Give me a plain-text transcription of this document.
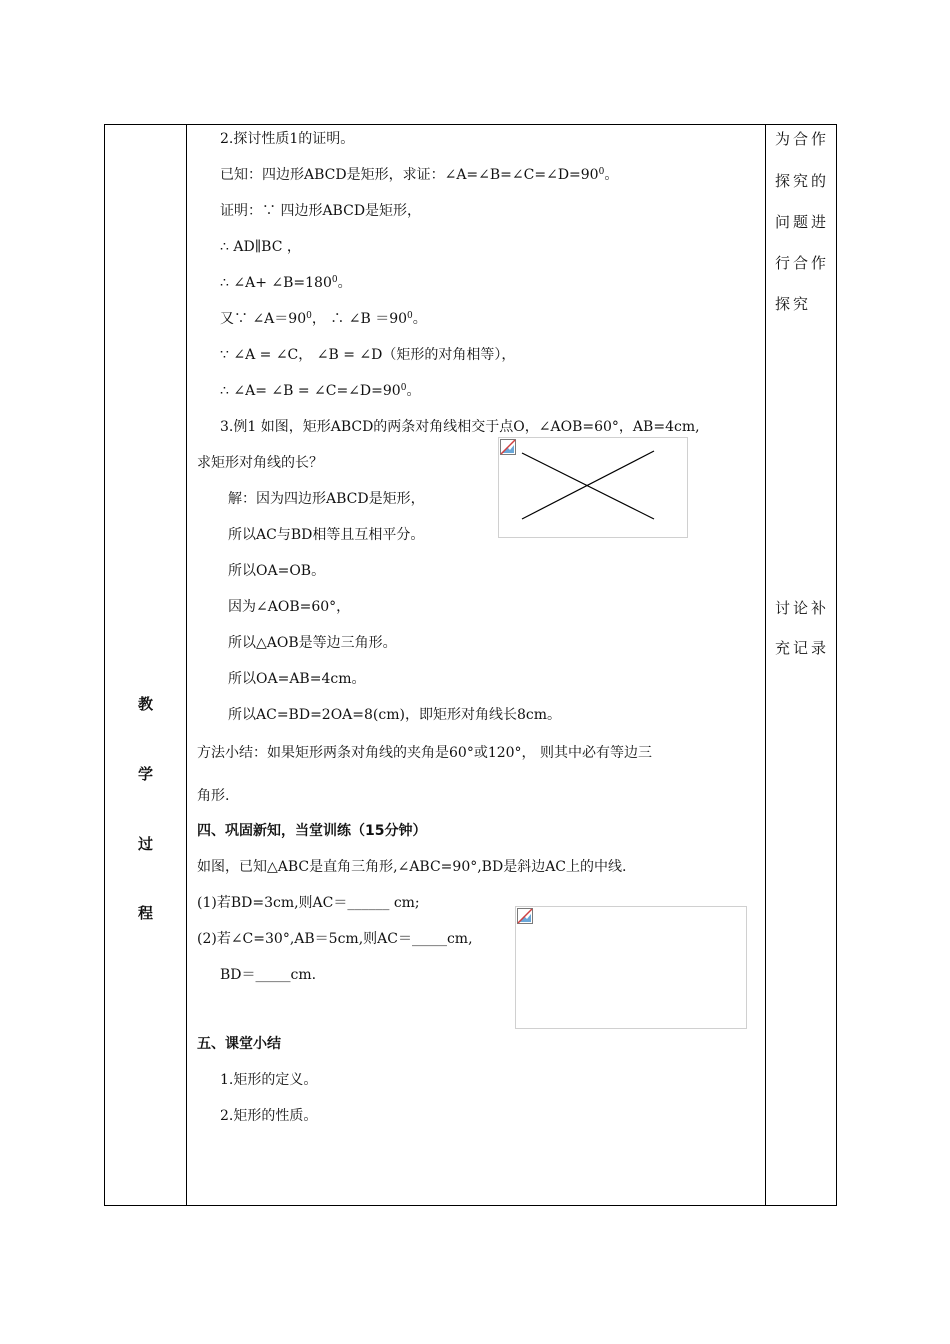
教
学
过
程
为合作
探究的
问题进
行合作
探究
讨论补
充记录
2.探讨性质1的证明。
已知：四边形ABCD是矩形，求证：$\angle A=\angle B=\angle C=\angle D=90^0$。
证明：∵ 四边形ABCD是矩形，
∴ AD∥BC ，
∴ ∠A+ $\angle B=180^0$。
又∵ $\angle A=90^0$， ∴ ∠B $=90^0$。
∵ ∠A = ∠C， ∠B = ∠D（矩形的对角相等），
∴ ∠A= ∠B = $\angle C=\angle D=90^0$。
3.例1 如图，矩形ABCD的两条对角线相交于点O，∠AOB=60°，AB=4cm,
求矩形对角线的长？
解：因为四边形ABCD是矩形，
所以AC与BD相等且互相平分。
所以OA=OB。
因为∠AOB=60°，
所以△AOB是等边三角形。
所以OA=AB=4cm。
所以AC=BD=2OA=8(cm)，即矩形对角线长8cm。
方法小结：如果矩形两条对角线的夹角是60°或120°， 则其中必有等边三
角形.
四、巩固新知，当堂训练（15分钟）
如图，已知△ABC是直角三角形,∠ABC=90°,BD是斜边AC上的中线.
(1)若BD=3cm,则AC＝______ cm;
(2)若∠C=30°,AB＝5cm,则AC＝_____cm,
BD＝_____cm.
五、课堂小结
1.矩形的定义。
2.矩形的性质。
